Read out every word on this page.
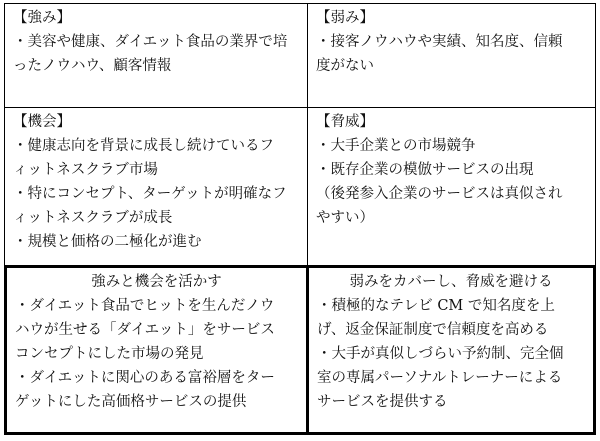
【強み】
・美容や健康、ダイエット食品の業界で培
ったノウハウ、顧客情報
【弱み】
・接客ノウハウや実績、知名度、信頼
度がない
【機会】
・健康志向を背景に成長し続けているフ
ィットネスクラブ市場
・特にコンセプト、ターゲットが明確なフ
ィットネスクラブが成長
・規模と価格の二極化が進む
【脅威】
・大手企業との市場競争
・既存企業の模倣サービスの出現
（後発参入企業のサービスは真似され
やすい）
強みと機会を活かす
・ダイエット食品でヒットを生んだノウ
ハウが生せる「ダイエット」をサービス
コンセプトにした市場の発見
・ダイエットに関心のある富裕層をター
ゲットにした高価格サービスの提供
弱みをカバーし、脅威を避ける
・積極的なテレビ CM で知名度を上
げ、返金保証制度で信頼度を高める
・大手が真似しづらい予約制、完全個
室の専属パーソナルトレーナーによる
サービスを提供する
